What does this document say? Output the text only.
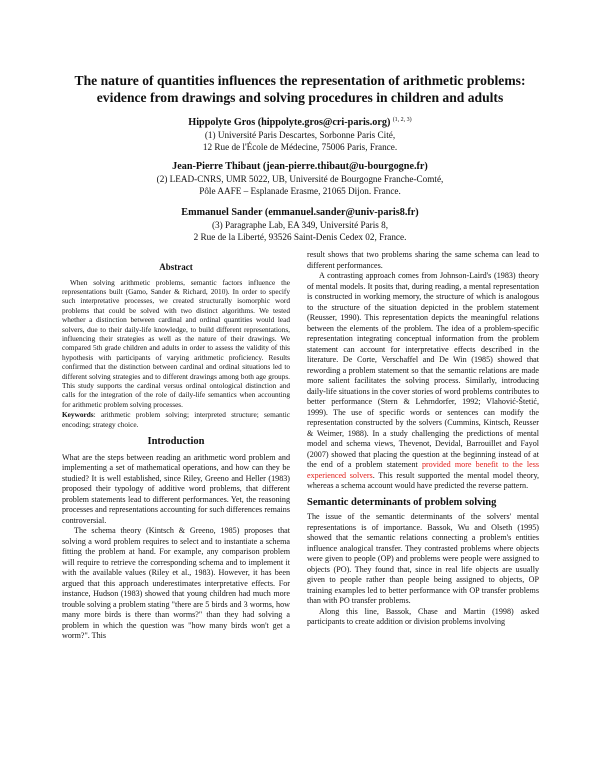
The nature of quantities influences the representation of arithmetic problems:
evidence from drawings and solving procedures in children and adults
Hippolyte Gros (hippolyte.gros@cri-paris.org) $^{(1, 2, 3)}$
(1) Université Paris Descartes, Sorbonne Paris Cité,
12 Rue de l'École de Médecine, 75006 Paris, France.
Jean-Pierre Thibaut (jean-pierre.thibaut@u-bourgogne.fr)
(2) LEAD-CNRS, UMR 5022, UB, Université de Bourgogne Franche-Comté,
Pôle AAFE – Esplanade Erasme, 21065 Dijon. France.
Emmanuel Sander (emmanuel.sander@univ-paris8.fr)
(3) Paragraphe Lab, EA 349, Université Paris 8,
2 Rue de la Liberté, 93526 Saint-Denis Cedex 02, France.
Abstract

When solving arithmetic problems, semantic factors influence the representations built (Gamo, Sander & Richard, 2010). In order to specify such interpretative processes, we created structurally isomorphic word problems that could be solved with two distinct algorithms. We tested whether a distinction between cardinal and ordinal quantities would lead solvers, due to their daily-life knowledge, to build different representations, influencing their strategies as well as the nature of their drawings. We compared 5th grade children and adults in order to assess the validity of this hypothesis with participants of varying arithmetic proficiency. Results confirmed that the distinction between cardinal and ordinal situations led to different solving strategies and to different drawings among both age groups. This study supports the cardinal versus ordinal ontological distinction and calls for the integration of the role of daily-life semantics when accounting for arithmetic problem solving processes.

Keywords: arithmetic problem solving; interpreted structure; semantic encoding; strategy choice.

Introduction

What are the steps between reading an arithmetic word problem and implementing a set of mathematical operations, and how can they be studied? It is well established, since Riley, Greeno and Heller (1983) proposed their typology of additive word problems, that different problem statements lead to different performances. Yet, the reasoning processes and representations accounting for such differences remains controversial.

The schema theory (Kintsch & Greeno, 1985) proposes that solving a word problem requires to select and to instantiate a schema fitting the problem at hand. For example, any comparison problem will require to retrieve the corresponding schema and to implement it with the available values (Riley et al., 1983). However, it has been argued that this approach underestimates interpretative effects. For instance, Hudson (1983) showed that young children had much more trouble solving a problem stating "there are 5 birds and 3 worms, how many more birds is there than worms?" than they had solving a problem in which the question was "how many birds won't get a worm?". This

result shows that two problems sharing the same schema can lead to different performances.

A contrasting approach comes from Johnson-Laird's (1983) theory of mental models. It posits that, during reading, a mental representation is constructed in working memory, the structure of which is analogous to the structure of the situation depicted in the problem statement (Reusser, 1990). This representation depicts the meaningful relations between the elements of the problem. The idea of a problem-specific representation integrating conceptual information from the problem statement can account for interpretative effects described in the literature. De Corte, Verschaffel and De Win (1985) showed that rewording a problem statement so that the semantic relations are made more salient facilitates the solving process. Similarly, introducing daily-life situations in the cover stories of word problems contributes to better performance (Stern & Lehrndorfer, 1992; Vlahović-Štetić, 1999). The use of specific words or sentences can modify the representation constructed by the solvers (Cummins, Kintsch, Reusser & Weimer, 1988). In a study challenging the predictions of mental model and schema views, Thevenot, Devidal, Barrouillet and Fayol (2007) showed that placing the question at the beginning instead of at the end of a problem statement provided more benefit to the less experienced solvers. This result supported the mental model theory, whereas a schema account would have predicted the reverse pattern.

Semantic determinants of problem solving

The issue of the semantic determinants of the solvers' mental representations is of importance. Bassok, Wu and Olseth (1995) showed that the semantic relations connecting a problem's entities influence analogical transfer. They contrasted problems where objects were given to people (OP) and problems were people were assigned to objects (PO). They found that, since in real life objects are usually given to people rather than people being assigned to objects, OP training examples led to better performance with OP transfer problems than with PO transfer problems.

Along this line, Bassok, Chase and Martin (1998) asked participants to create addition or division problems involving
